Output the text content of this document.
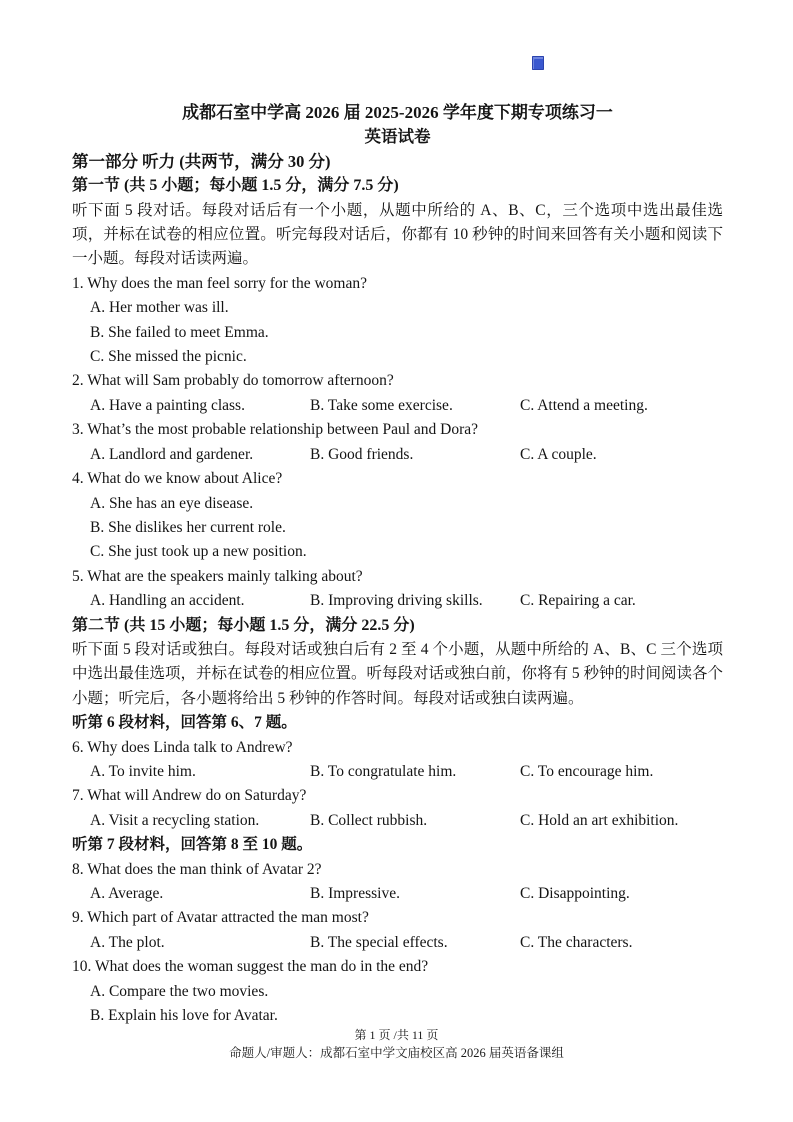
成都石室中学高 2026 届 2025-2026 学年度下期专项练习一
英语试卷
第一部分 听力 (共两节，满分 30 分)
第一节 (共 5 小题；每小题 1.5 分，满分 7.5 分)

听下面 5 段对话。每段对话后有一个小题，从题中所给的 A、B、C，三个选项中选出最佳选项，并标在试卷的相应位置。听完每段对话后，你都有 10 秒钟的时间来回答有关小题和阅读下一小题。每段对话读两遍。

1. Why does the man feel sorry for the woman?
A. Her mother was ill.
B. She failed to meet Emma.
C. She missed the picnic.
2. What will Sam probably do tomorrow afternoon?
A. Have a painting class.	B. Take some exercise.	C. Attend a meeting.
3. What’s the most probable relationship between Paul and Dora?
A. Landlord and gardener.	B. Good friends.	C. A couple.
4. What do we know about Alice?
A. She has an eye disease.
B. She dislikes her current role.
C. She just took up a new position.
5. What are the speakers mainly talking about?
A. Handling an accident.	B. Improving driving skills.	C. Repairing a car.
第二节 (共 15 小题；每小题 1.5 分，满分 22.5 分)

听下面 5 段对话或独白。每段对话或独白后有 2 至 4 个小题，从题中所给的 A、B、C 三个选项中选出最佳选项，并标在试卷的相应位置。听每段对话或独白前，你将有 5 秒钟的时间阅读各个小题；听完后，各小题将给出 5 秒钟的作答时间。每段对话或独白读两遍。

听第 6 段材料，回答第 6、7 题。
6. Why does Linda talk to Andrew?
A. To invite him.	B. To congratulate him.	C. To encourage him.
7. What will Andrew do on Saturday?
A. Visit a recycling station.	B. Collect rubbish.	C. Hold an art exhibition.
听第 7 段材料，回答第 8 至 10 题。
8. What does the man think of Avatar 2?
A. Average.	B. Impressive.	C. Disappointing.
9. Which part of Avatar attracted the man most?
A. The plot.	B. The special effects.	C. The characters.
10. What does the woman suggest the man do in the end?
A. Compare the two movies.
B. Explain his love for Avatar.
第 1 页 /共 11 页
命题人/审题人：成都石室中学文庙校区高 2026 届英语备课组
